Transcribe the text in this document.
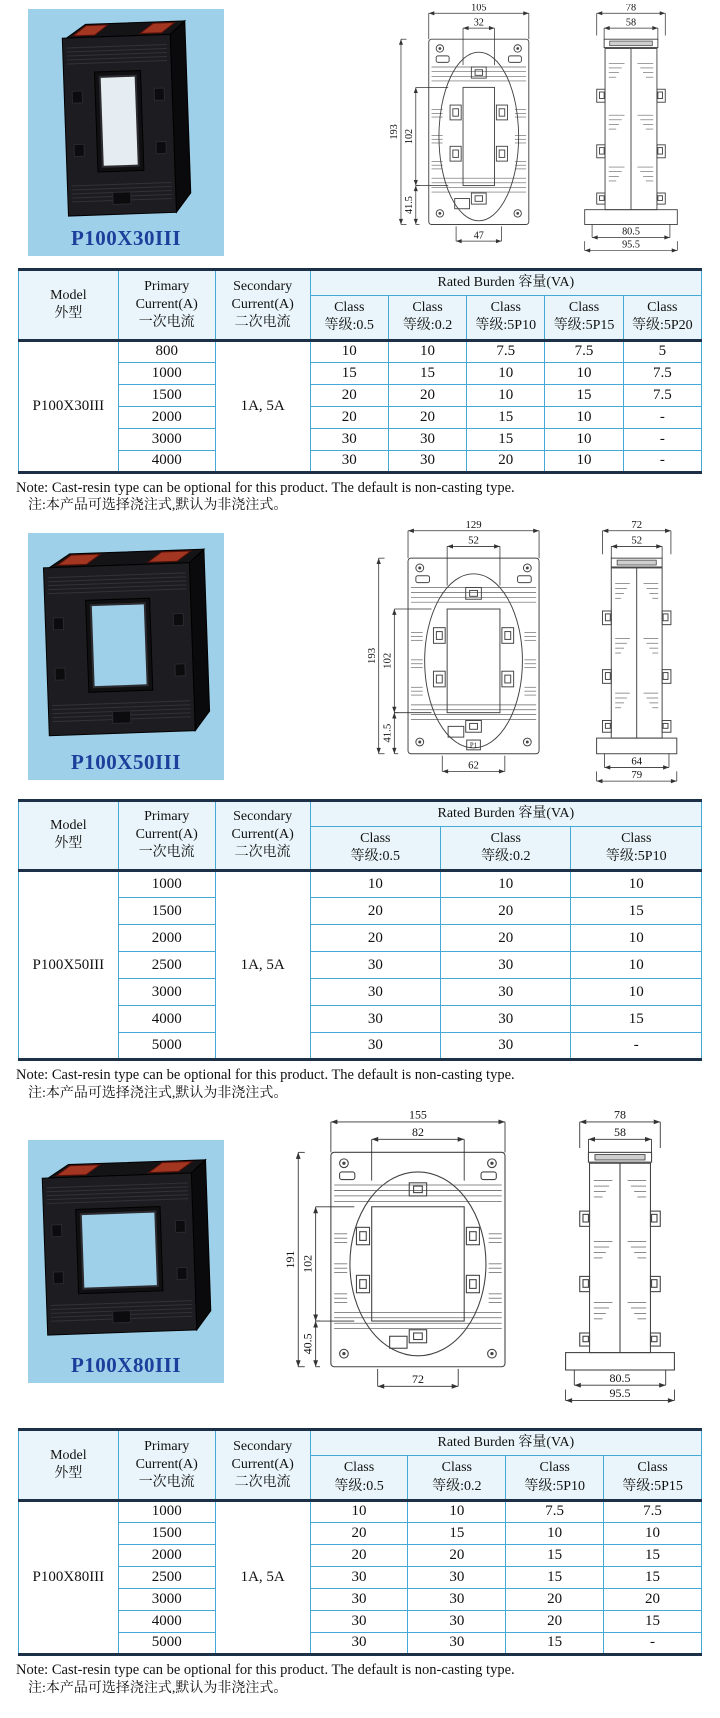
P100X30III
105
32
193 102
41.5
47
78
58
80.5
95.5
Model
外型

Primary
Current(A)
一次电流

Secondary
Current(A)
二次电流

Rated Burden 容量(VA)

Class
等级:0.5

Class
等级:0.2

Class
等级:5P10

Class
等级:5P15

Class
等级:5P20

P100X30III	800	1A, 5A	10	10	7.5	7.5	5
	1000		15	15	10	10	7.5
	1500		20	20	10	15	7.5
	2000		20	20	15	10	-
	3000		30	30	15	10	-
	4000		30	30	20	10	-
Note: Cast-resin type can be optional for this product. The default is non-casting type.
注:本产品可选择浇注式,默认为非浇注式。
P100X50III
P1
129
52
193 102
41.5
62
72
52
64
79
Model
外型

Primary
Current(A)
一次电流

Secondary
Current(A)
二次电流

Rated Burden 容量(VA)

Class
等级:0.5

Class
等级:0.2

Class
等级:5P10

P100X50III	1000	1A, 5A	10	10	10
	1500		20	20	15
	2000		20	20	10
	2500		30	30	10
	3000		30	30	10
	4000		30	30	15
	5000		30	30	-
Note: Cast-resin type can be optional for this product. The default is non-casting type.
注:本产品可选择浇注式,默认为非浇注式。
P100X80III
155
82
191 102
40.5
72
78
58
80.5
95.5
Model
外型

Primary
Current(A)
一次电流

Secondary
Current(A)
二次电流

Rated Burden 容量(VA)

Class
等级:0.5

Class
等级:0.2

Class
等级:5P10

Class
等级:5P15

P100X80III	1000	1A, 5A	10	10	7.5	7.5
	1500		20	15	10	10
	2000		20	20	15	15
	2500		30	30	15	15
	3000		30	30	20	20
	4000		30	30	20	15
	5000		30	30	15	-
Note: Cast-resin type can be optional for this product. The default is non-casting type.
注:本产品可选择浇注式,默认为非浇注式。
